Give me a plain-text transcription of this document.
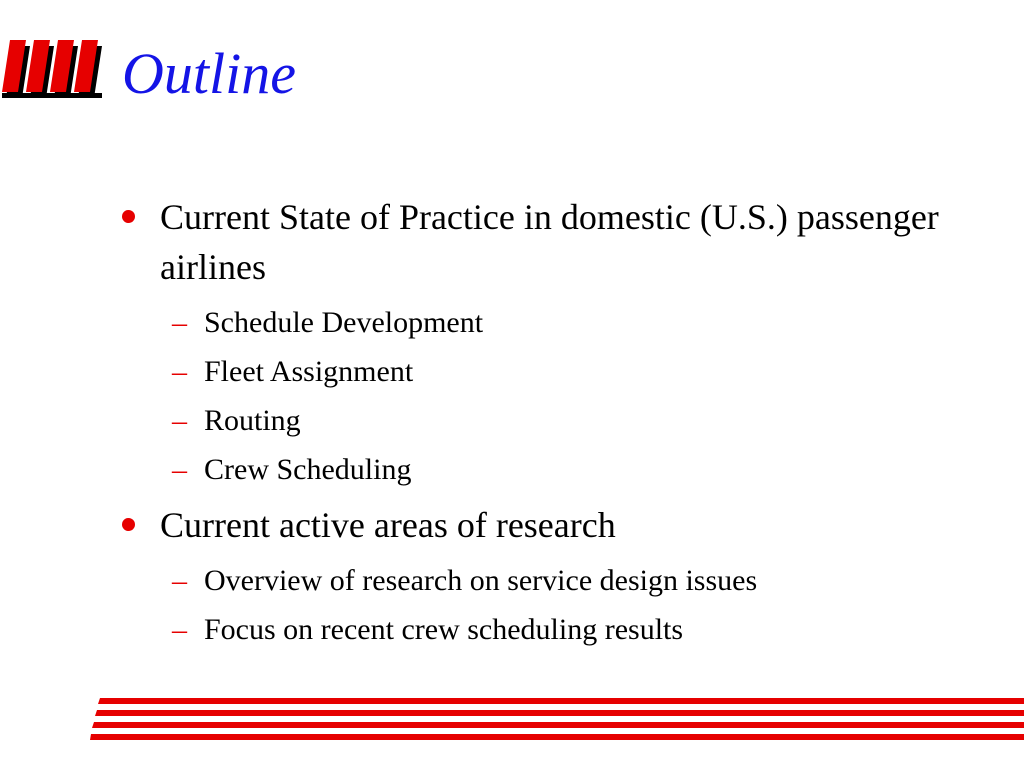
Outline
Current State of Practice in domestic (U.S.) passenger airlines
– Schedule Development
– Fleet Assignment
– Routing
– Crew Scheduling
Current active areas of research
– Overview of research on service design issues
– Focus on recent crew scheduling results
